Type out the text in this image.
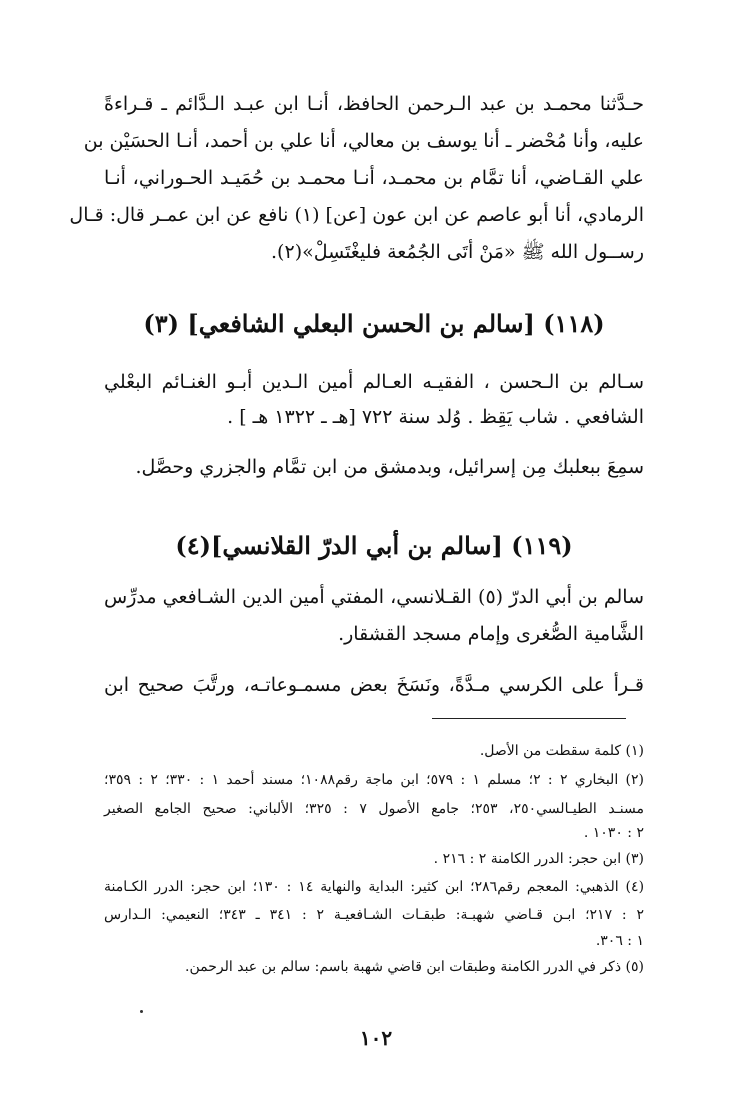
حـدَّثنا محمـد بن عبد الـرحمن الحافظ، أنـا ابن عبـد الـدَّائم ـ قـراءةً
عليه، وأنا مُحْضر ـ أنا يوسف بن معالي، أنا علي بن أحمد، أنـا الحسَيْن بن
علي القـاضي، أنا تمَّام بن محمـد، أنـا محمـد بن حُمَيـد الحـوراني، أنـا
الرمادي، أنا أبو عاصم عن ابن عون [عن] (١) نافع عن ابن عمـر قال: قـال
رســول الله ﷺ «مَنْ أتَى الجُمُعة فليغْتَسِلْ»(٢).
(١١٨) [سالم بن الحسن البعلي الشافعي] (٣)
سـالم بن الـحسن ، الفقيـه العـالم أمين الـدين أبـو الغنـائم البعْلي
الشافعي . شاب يَقِظ . وُلد سنة ٧٢٢ [هـ ـ ١٣٢٢ هـ ] .
سمِعَ ببعلبك مِن إسرائيل، وبدمشق من ابن تمَّام والجزري وحصَّل.
(١١٩) [سالم بن أبي الدرّ القلانسي](٤)
سالم بن أبي الدرّ (٥) القـلانسي، المفتي أمين الدين الشـافعي مدرِّس
الشَّامية الصُّغرى وإمام مسجد القشقار.
قـرأ على الكرسي مـدَّةً، ونَسَخَ بعض مسمـوعاتـه، ورتَّبَ صحيح ابن
(١) كلمة سقطت من الأصل.
(٢) البخاري ٢ : ٢؛ مسلم ١ : ٥٧٩؛ ابن ماجة رقم١٠٨٨؛ مسند أحمد ١ : ٣٣٠؛ ٢ : ٣٥٩؛
مسنـد الطيـالسي٢٥٠، ٢٥٣؛ جامع الأصول ٧ : ٣٢٥؛ الألباني: صحيح الجامع الصغير
٢ : ١٠٣٠ .
(٣) ابن حجر: الدرر الكامنة ٢ : ٢١٦ .
(٤) الذهبي: المعجم رقم٢٨٦؛ ابن كثير: البداية والنهاية ١٤ : ١٣٠؛ ابن حجر: الدرر الكـامنة
٢ : ٢١٧؛ ابـن قـاضي شهبـة: طبقـات الشـافعيـة ٢ : ٣٤١ ـ ٣٤٣؛ النعيمي: الـدارس
١ : ٣٠٦.
(٥) ذكر في الدرر الكامنة وطبقات ابن قاضي شهبة باسم: سالم بن عبد الرحمن.
١٠٢
